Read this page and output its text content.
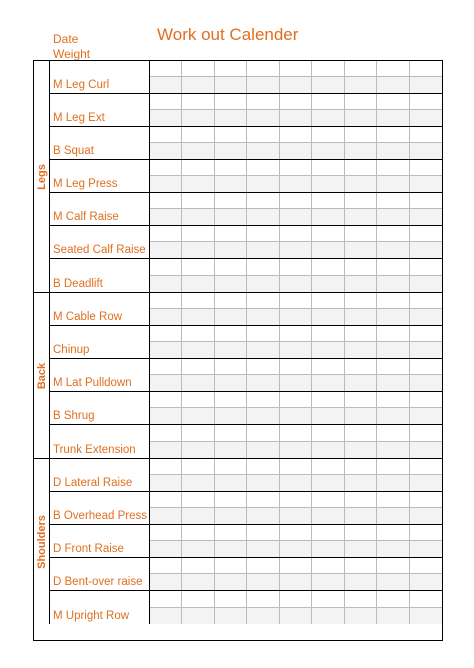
Work out Calender
Date
Weight
Legs
M Leg Curl
M Leg Ext
B Squat
M Leg Press
M Calf Raise
Seated Calf Raise
B Deadlift
Back
M Cable Row
Chinup
M Lat Pulldown
B Shrug
Trunk Extension
Shoulders
D Lateral Raise
B Overhead Press
D Front Raise
D Bent-over raise
M Upright Row
